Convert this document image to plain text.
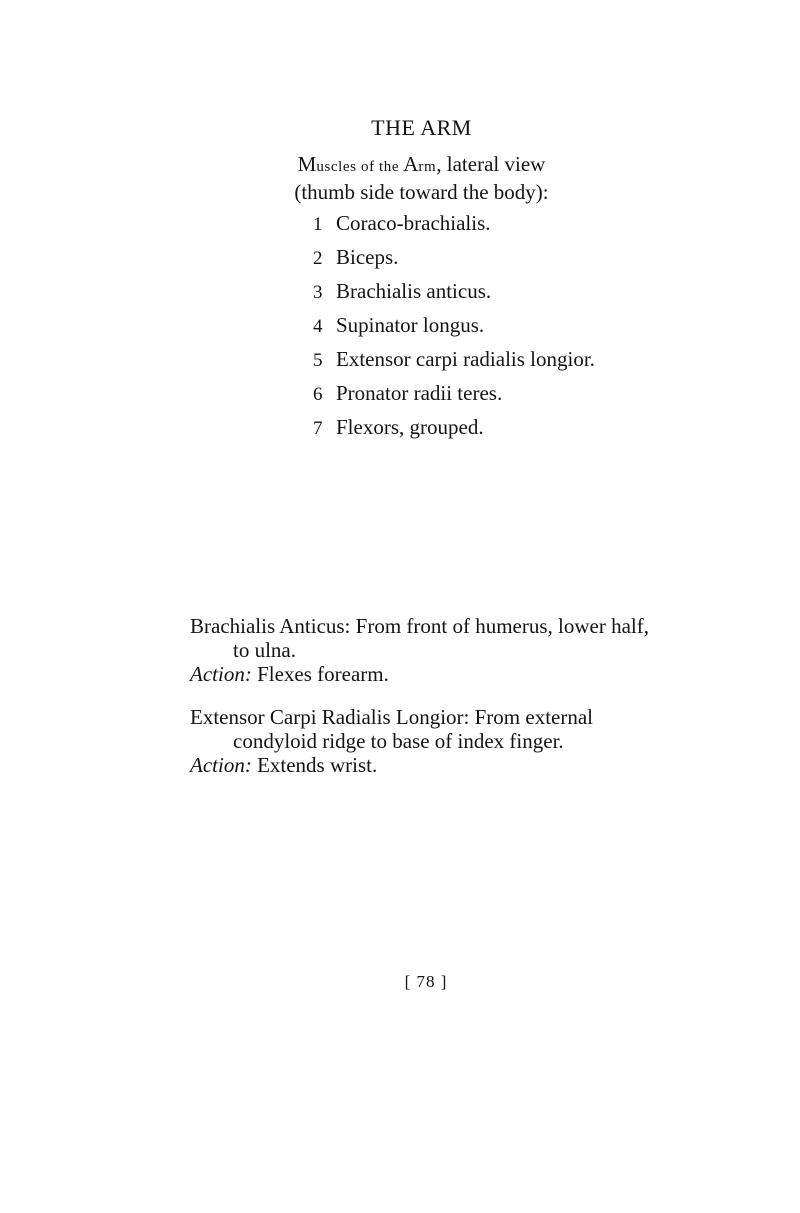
THE ARM
Muscles of the Arm, lateral view
(thumb side toward the body):
1 Coraco-brachialis.
2 Biceps.
3 Brachialis anticus.
4 Supinator longus.
5 Extensor carpi radialis longior.
6 Pronator radii teres.
7 Flexors, grouped.
Brachialis Anticus: From front of humerus, lower half, to ulna.
Action: Flexes forearm.
Extensor Carpi Radialis Longior: From external condyloid ridge to base of index finger.
Action: Extends wrist.
[ 78 ]
